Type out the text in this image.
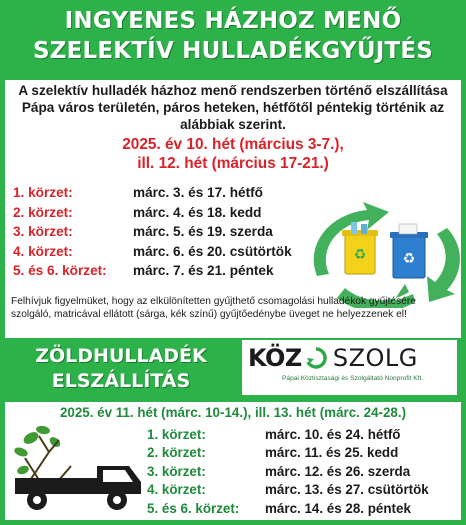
INGYENES HÁZHOZ MENŐ
SZELEKTÍV HULLADÉKGYŰJTÉS
A szelektív hulladék házhoz menő rendszerben történő elszállítása Pápa város területén, páros heteken, hétfőtől péntekig történik az alábbiak szerint.
2025. év 10. hét (március 3-7.),
ill. 12. hét (március 17-21.)
1. körzet:	márc. 3. és 17. hétfő
2. körzet:	márc. 4. és 18. kedd
3. körzet:	márc. 5. és 19. szerda
4. körzet:	márc. 6. és 20. csütörtök
5. és 6. körzet:	márc. 7. és 21. péntek
♻	♻
Felhívjuk figyelmüket, hogy az elkülönítetten gyűjthető csomagolási hulladékok gyűjtésére szolgáló, matricával ellátott (sárga, kék színű) gyűjtőedénybe üveget ne helyezzenek el!
ZÖLDHULLADÉK
ELSZÁLLÍTÁS
KÖZ SZOLG
Pápai Köztisztasági és Szolgáltató Nonprofit Kft.
2025. év 11. hét (márc. 10-14.), ill. 13. hét (márc. 24-28.)
1. körzet:	márc. 10. és 24. hétfő
2. körzet:	márc. 11. és 25. kedd
3. körzet:	márc. 12. és 26. szerda
4. körzet:	márc. 13. és 27. csütörtök
5. és 6. körzet:	márc. 14. és 28. péntek
